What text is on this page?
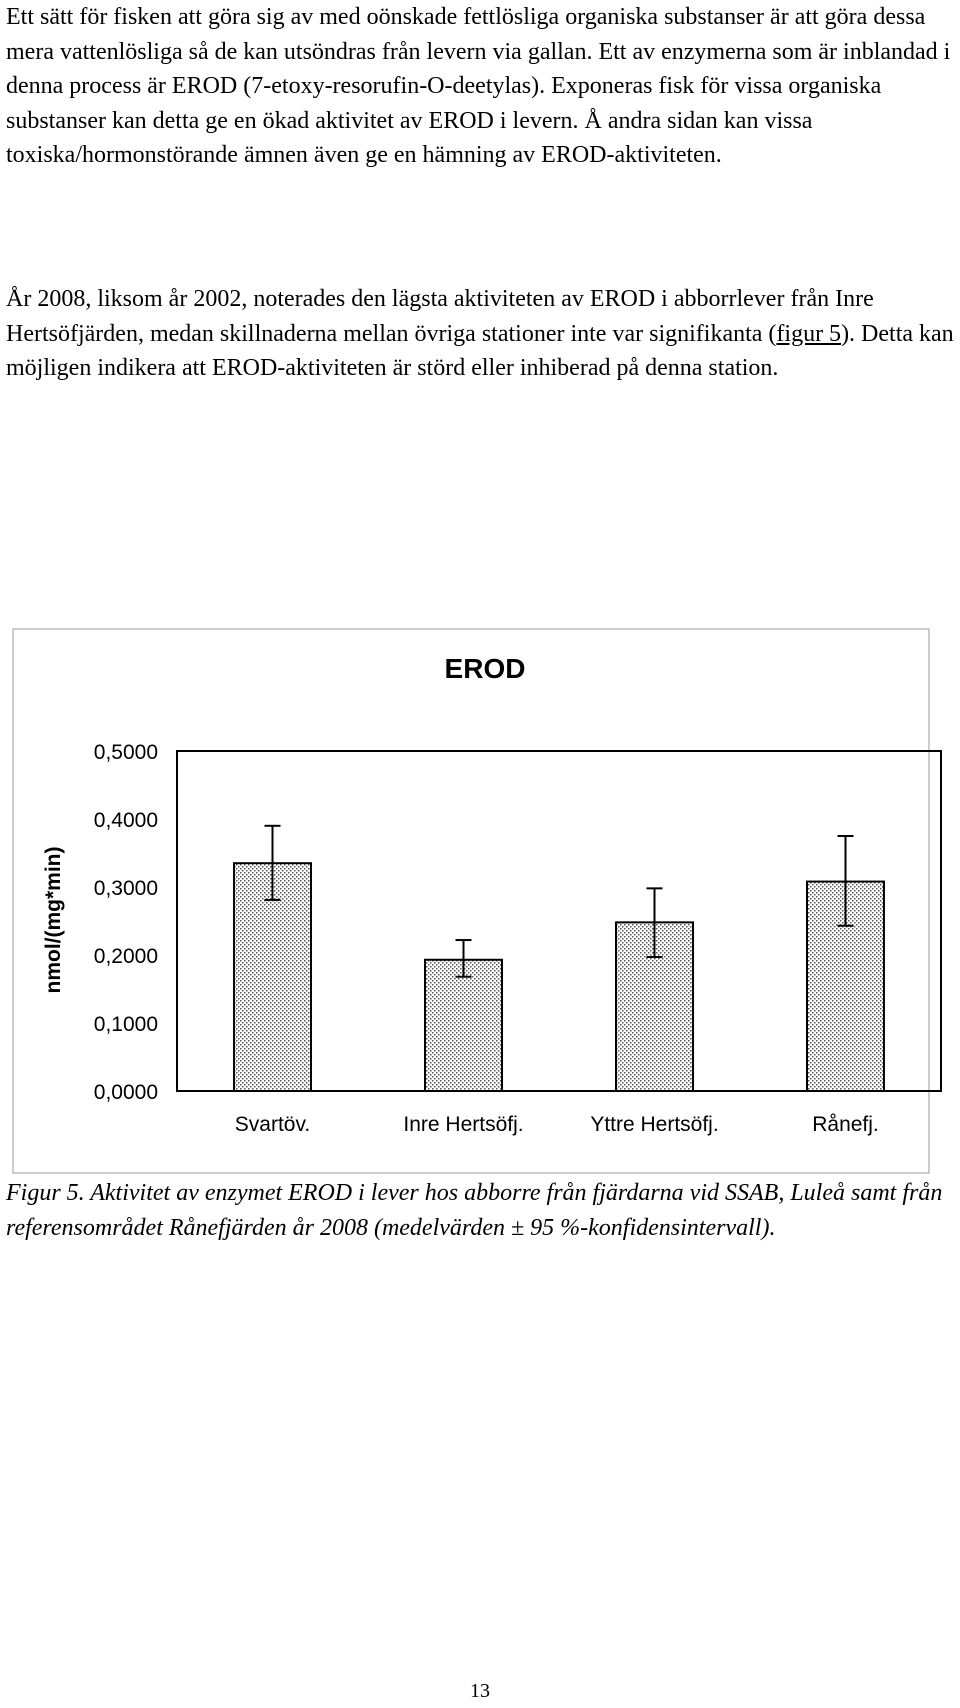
Ett sätt för fisken att göra sig av med oönskade fettlösliga organiska substanser är att göra dessa mera vattenlösliga så de kan utsöndras från levern via gallan. Ett av enzymerna som är inblandad i denna process är EROD (7-etoxy-resorufin-O-deetylas). Exponeras fisk för vissa organiska substanser kan detta ge en ökad aktivitet av EROD i levern. Å andra sidan kan vissa toxiska/hormonstörande ämnen även ge en hämning av EROD-aktiviteten.

År 2008, liksom år 2002, noterades den lägsta aktiviteten av EROD i abborrlever från Inre Hertsöfjärden, medan skillnaderna mellan övriga stationer inte var signifikanta (figur 5). Detta kan möjligen indikera att EROD-aktiviteten är störd eller inhiberad på denna station.

EROD
nmol/(mg*min)
0,0000
0,1000
0,2000
0,3000
0,4000
0,5000
Svartöv.	Inre Hertsöfj.	Yttre Hertsöfj.	Rånefj.

Figur 5. Aktivitet av enzymet EROD i lever hos abborre från fjärdarna vid SSAB, Luleå samt från referensområdet Rånefjärden år 2008 (medelvärden ± 95 %-konfidensintervall).

13
